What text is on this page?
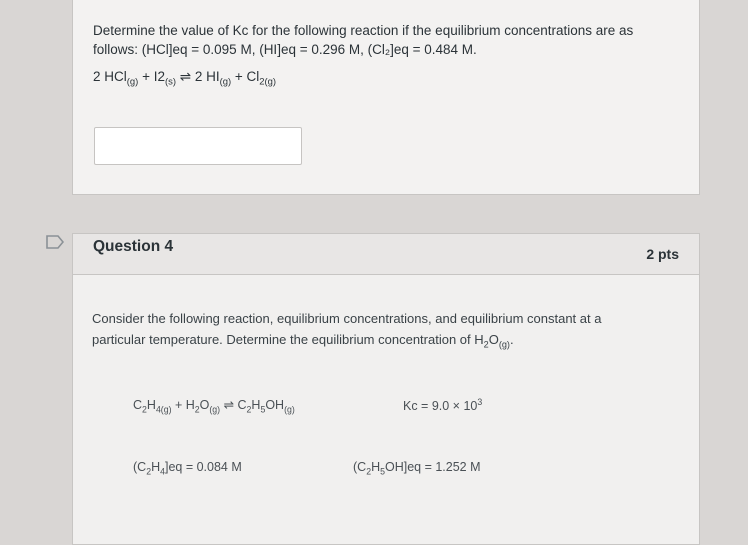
Determine the value of Kc for the following reaction if the equilibrium concentrations are as
follows: (HCl]eq = 0.095 M, (HI]eq = 0.296 M, (Cl₂]eq = 0.484 M.
2 $HCl_{(g)} + I2_{(s)}$ ⇌ 2 $HI_{(g)} + Cl_{2(g)}$
Question 4	2 pts
Consider the following reaction, equilibrium concentrations, and equilibrium constant at a
particular temperature. Determine the equilibrium concentration of $H_2O_{(g)}$.
$C_2H_{4(g)} + H_2O_{(g)}$ ⇌ $C_2H_5OH_{(g)}$	$Kc = 9.0 \times 10^3$
$(C_2H_4]eq = 0.084$ M	$(C_2H_5OH]eq = 1.252$ M
